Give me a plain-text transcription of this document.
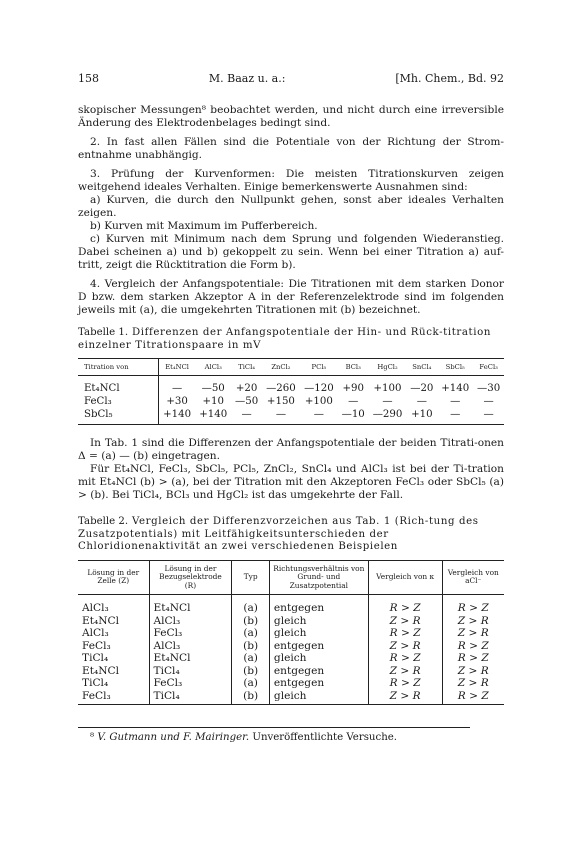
158	M. Baaz u. a.:	[Mh. Chem., Bd. 92

skopischer Messungen⁸ beobachtet werden, und nicht durch eine irreversible Änderung des Elektrodenbelages bedingt sind.

2. In fast allen Fällen sind die Potentiale von der Richtung der Strom-entnahme unabhängig.

3. Prüfung der Kurvenformen: Die meisten Titrationskurven zeigen weitgehend ideales Verhalten. Einige bemerkenswerte Ausnahmen sind:

a) Kurven, die durch den Nullpunkt gehen, sonst aber ideales Verhalten zeigen.

b) Kurven mit Maximum im Pufferbereich.

c) Kurven mit Minimum nach dem Sprung und folgenden Wiederanstieg. Dabei scheinen a) und b) gekoppelt zu sein. Wenn bei einer Titration a) auf-tritt, zeigt die Rücktitration die Form b).

4. Vergleich der Anfangspotentiale: Die Titrationen mit dem starken Donor D bzw. dem starken Akzeptor A in der Referenzelektrode sind im folgenden jeweils mit (a), die umgekehrten Titrationen mit (b) bezeichnet.

Tabelle 1. Differenzen der Anfangspotentiale der Hin- und Rück-titration einzelner Titrationspaare in mV
Titration von	Et₄NCl	AlCl₃	TiCl₄	ZnCl₂	PCl₅	BCl₃	HgCl₂	SnCl₄	SbCl₅	FeCl₃

Et₄NCl	—	—50	+20	—260	—120	+90	+100	—20	+140	—30
FeCl₃	+30	+10	—50	+150	+100	—	—	—	—	—
SbCl₅	+140	+140	—	—	—	—10	—290	+10	—	—

In Tab. 1 sind die Differenzen der Anfangspotentiale der beiden Titrati-onen Δ = (a) — (b) eingetragen.

Für Et₄NCl, FeCl₃, SbCl₅, PCl₅, ZnCl₂, SnCl₄ und AlCl₃ ist bei der Ti-tration mit Et₄NCl (b) > (a), bei der Titration mit den Akzeptoren FeCl₃ oder SbCl₅ (a) > (b). Bei TiCl₄, BCl₃ und HgCl₂ ist das umgekehrte der Fall.

Tabelle 2. Vergleich der Differenzvorzeichen aus Tab. 1 (Rich-tung des Zusatzpotentials) mit Leitfähigkeitsunterschieden der Chloridionenaktivität an zwei verschiedenen Beispielen
Lösung in der Zelle (Z)	Lösung in der Bezugselektrode (R)	Typ	Richtungsverhältnis von Grund- und Zusatzpotential	Vergleich von κ	Vergleich von aCl⁻

AlCl₃	Et₄NCl	(a)	entgegen	R > Z	R > Z
Et₄NCl	AlCl₃	(b)	gleich	Z > R	Z > R
AlCl₃	FeCl₃	(a)	gleich	R > Z	Z > R
FeCl₃	AlCl₃	(b)	entgegen	Z > R	R > Z
TiCl₄	Et₄NCl	(a)	gleich	R > Z	R > Z
Et₄NCl	TiCl₄	(b)	entgegen	Z > R	Z > R
TiCl₄	FeCl₃	(a)	entgegen	R > Z	Z > R
FeCl₃	TiCl₄	(b)	gleich	Z > R	R > Z
⁸ V. Gutmann und F. Mairinger. Unveröffentlichte Versuche.
